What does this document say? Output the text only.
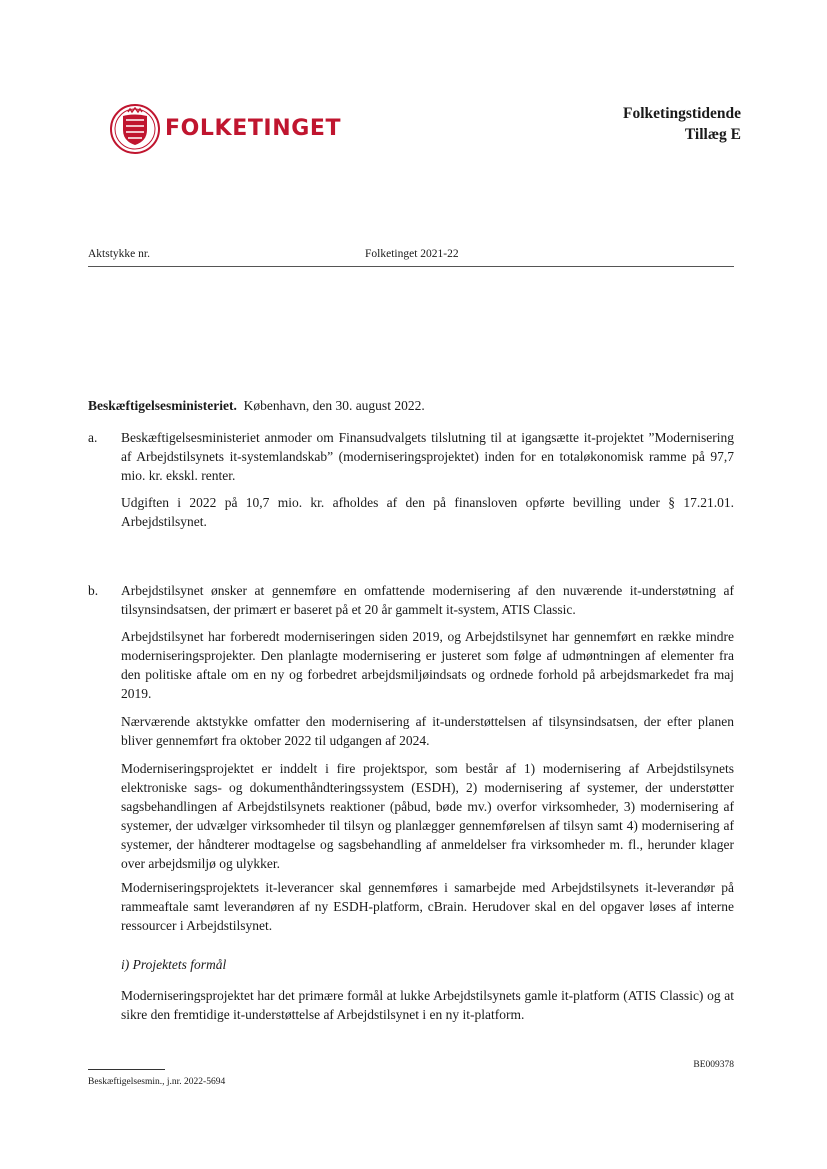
FOLKETINGET
Folketingstidende
Tillæg E
Aktstykke nr.	Folketinget 2021-22
Beskæftigelsesministeriet. København, den 30. august 2022.
a. Beskæftigelsesministeriet anmoder om Finansudvalgets tilslutning til at igangsætte it-projektet ”Modernisering af Arbejdstilsynets it-systemlandskab” (moderniseringsprojektet) inden for en totaløkonomisk ramme på 97,7 mio. kr. ekskl. renter.
Udgiften i 2022 på 10,7 mio. kr. afholdes af den på finansloven opførte bevilling under § 17.21.01. Arbejdstilsynet.
b. Arbejdstilsynet ønsker at gennemføre en omfattende modernisering af den nuværende it-understøtning af tilsynsindsatsen, der primært er baseret på et 20 år gammelt it-system, ATIS Classic.
Arbejdstilsynet har forberedt moderniseringen siden 2019, og Arbejdstilsynet har gennemført en række mindre moderniseringsprojekter. Den planlagte modernisering er justeret som følge af udmøntningen af elementer fra den politiske aftale om en ny og forbedret arbejdsmiljøindsats og ordnede forhold på arbejdsmarkedet fra maj 2019.
Nærværende aktstykke omfatter den modernisering af it-understøttelsen af tilsynsindsatsen, der efter planen bliver gennemført fra oktober 2022 til udgangen af 2024.
Moderniseringsprojektet er inddelt i fire projektspor, som består af 1) modernisering af Arbejdstilsynets elektroniske sags- og dokumenthåndteringssystem (ESDH), 2) modernisering af systemer, der understøtter sagsbehandlingen af Arbejdstilsynets reaktioner (påbud, bøde mv.) overfor virksomheder, 3) modernisering af systemer, der udvælger virksomheder til tilsyn og planlægger gennemførelsen af tilsyn samt 4) modernisering af systemer, der håndterer modtagelse og sagsbehandling af anmeldelser fra virksomheder m. fl., herunder klager over arbejdsmiljø og ulykker.
Moderniseringsprojektets it-leverancer skal gennemføres i samarbejde med Arbejdstilsynets it-leverandør på rammeaftale samt leverandøren af ny ESDH-platform, cBrain. Herudover skal en del opgaver løses af interne ressourcer i Arbejdstilsynet.
i) Projektets formål
Moderniseringsprojektet har det primære formål at lukke Arbejdstilsynets gamle it-platform (ATIS Classic) og at sikre den fremtidige it-understøttelse af Arbejdstilsynet i en ny it-platform.
BE009378
Beskæftigelsesmin., j.nr. 2022-5694
